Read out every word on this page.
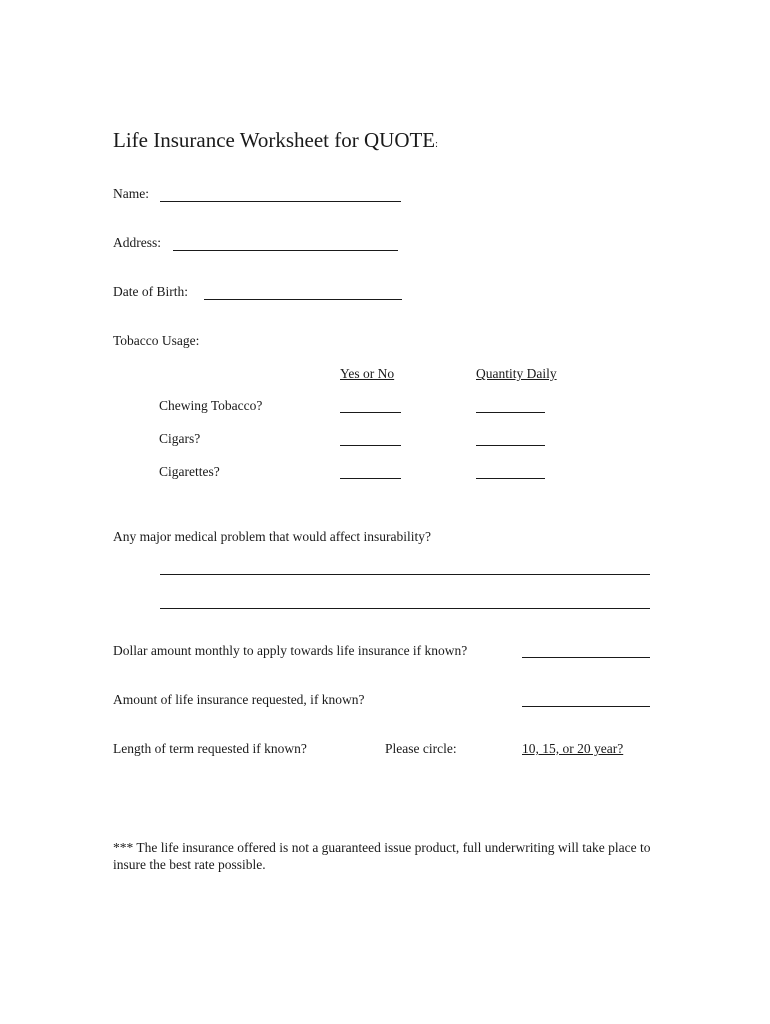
Life Insurance Worksheet for QUOTE:
Name:
Address:
Date of Birth:
Tobacco Usage:
Yes or No	Quantity Daily
Chewing Tobacco?
Cigars?
Cigarettes?
Any major medical problem that would affect insurability?
Dollar amount monthly to apply towards life insurance if known?
Amount of life insurance requested, if known?
Length of term requested if known?	Please circle:	10, 15, or 20 year?
*** The life insurance offered is not a guaranteed issue product, full underwriting will take place to insure the best rate possible.
